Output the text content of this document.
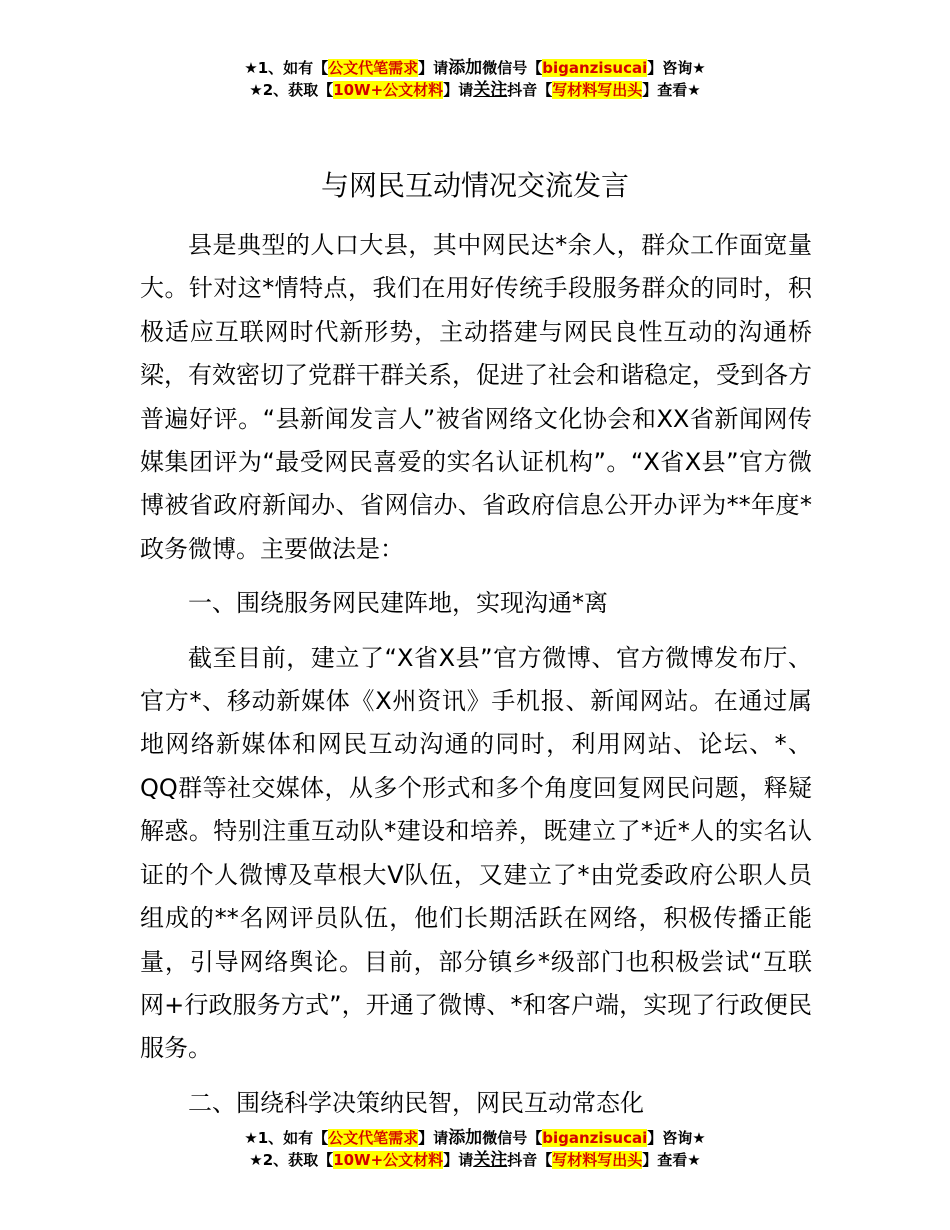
★1、如有【公文代笔需求】请添加微信号【biganzisucai】咨询★
★2、获取【10W+公文材料】请关注抖音【写材料写出头】查看★
与网民互动情况交流发言

县是典型的人口大县，其中网民达*余人，群众工作面宽量大。针对这*情特点，我们在用好传统手段服务群众的同时，积极适应互联网时代新形势，主动搭建与网民良性互动的沟通桥梁，有效密切了党群干群关系，促进了社会和谐稳定，受到各方普遍好评。“县新闻发言人”被省网络文化协会和XX省新闻网传媒集团评为“最受网民喜爱的实名认证机构”。“X省X县”官方微博被省政府新闻办、省网信办、省政府信息公开办评为**年度*政务微博。主要做法是：

一、围绕服务网民建阵地，实现沟通*离

截至目前，建立了“X省X县”官方微博、官方微博发布厅、官方*、移动新媒体《X州资讯》手机报、新闻网站。在通过属地网络新媒体和网民互动沟通的同时，利用网站、论坛、*、QQ群等社交媒体，从多个形式和多个角度回复网民问题，释疑解惑。特别注重互动队*建设和培养，既建立了*近*人的实名认证的个人微博及草根大V队伍，又建立了*由党委政府公职人员组成的**名网评员队伍，他们长期活跃在网络，积极传播正能量，引导网络舆论。目前，部分镇乡*级部门也积极尝试“互联网+行政服务方式”，开通了微博、*和客户端，实现了行政便民服务。

二、围绕科学决策纳民智，网民互动常态化

★1、如有【公文代笔需求】请添加微信号【biganzisucai】咨询★
★2、获取【10W+公文材料】请关注抖音【写材料写出头】查看★
